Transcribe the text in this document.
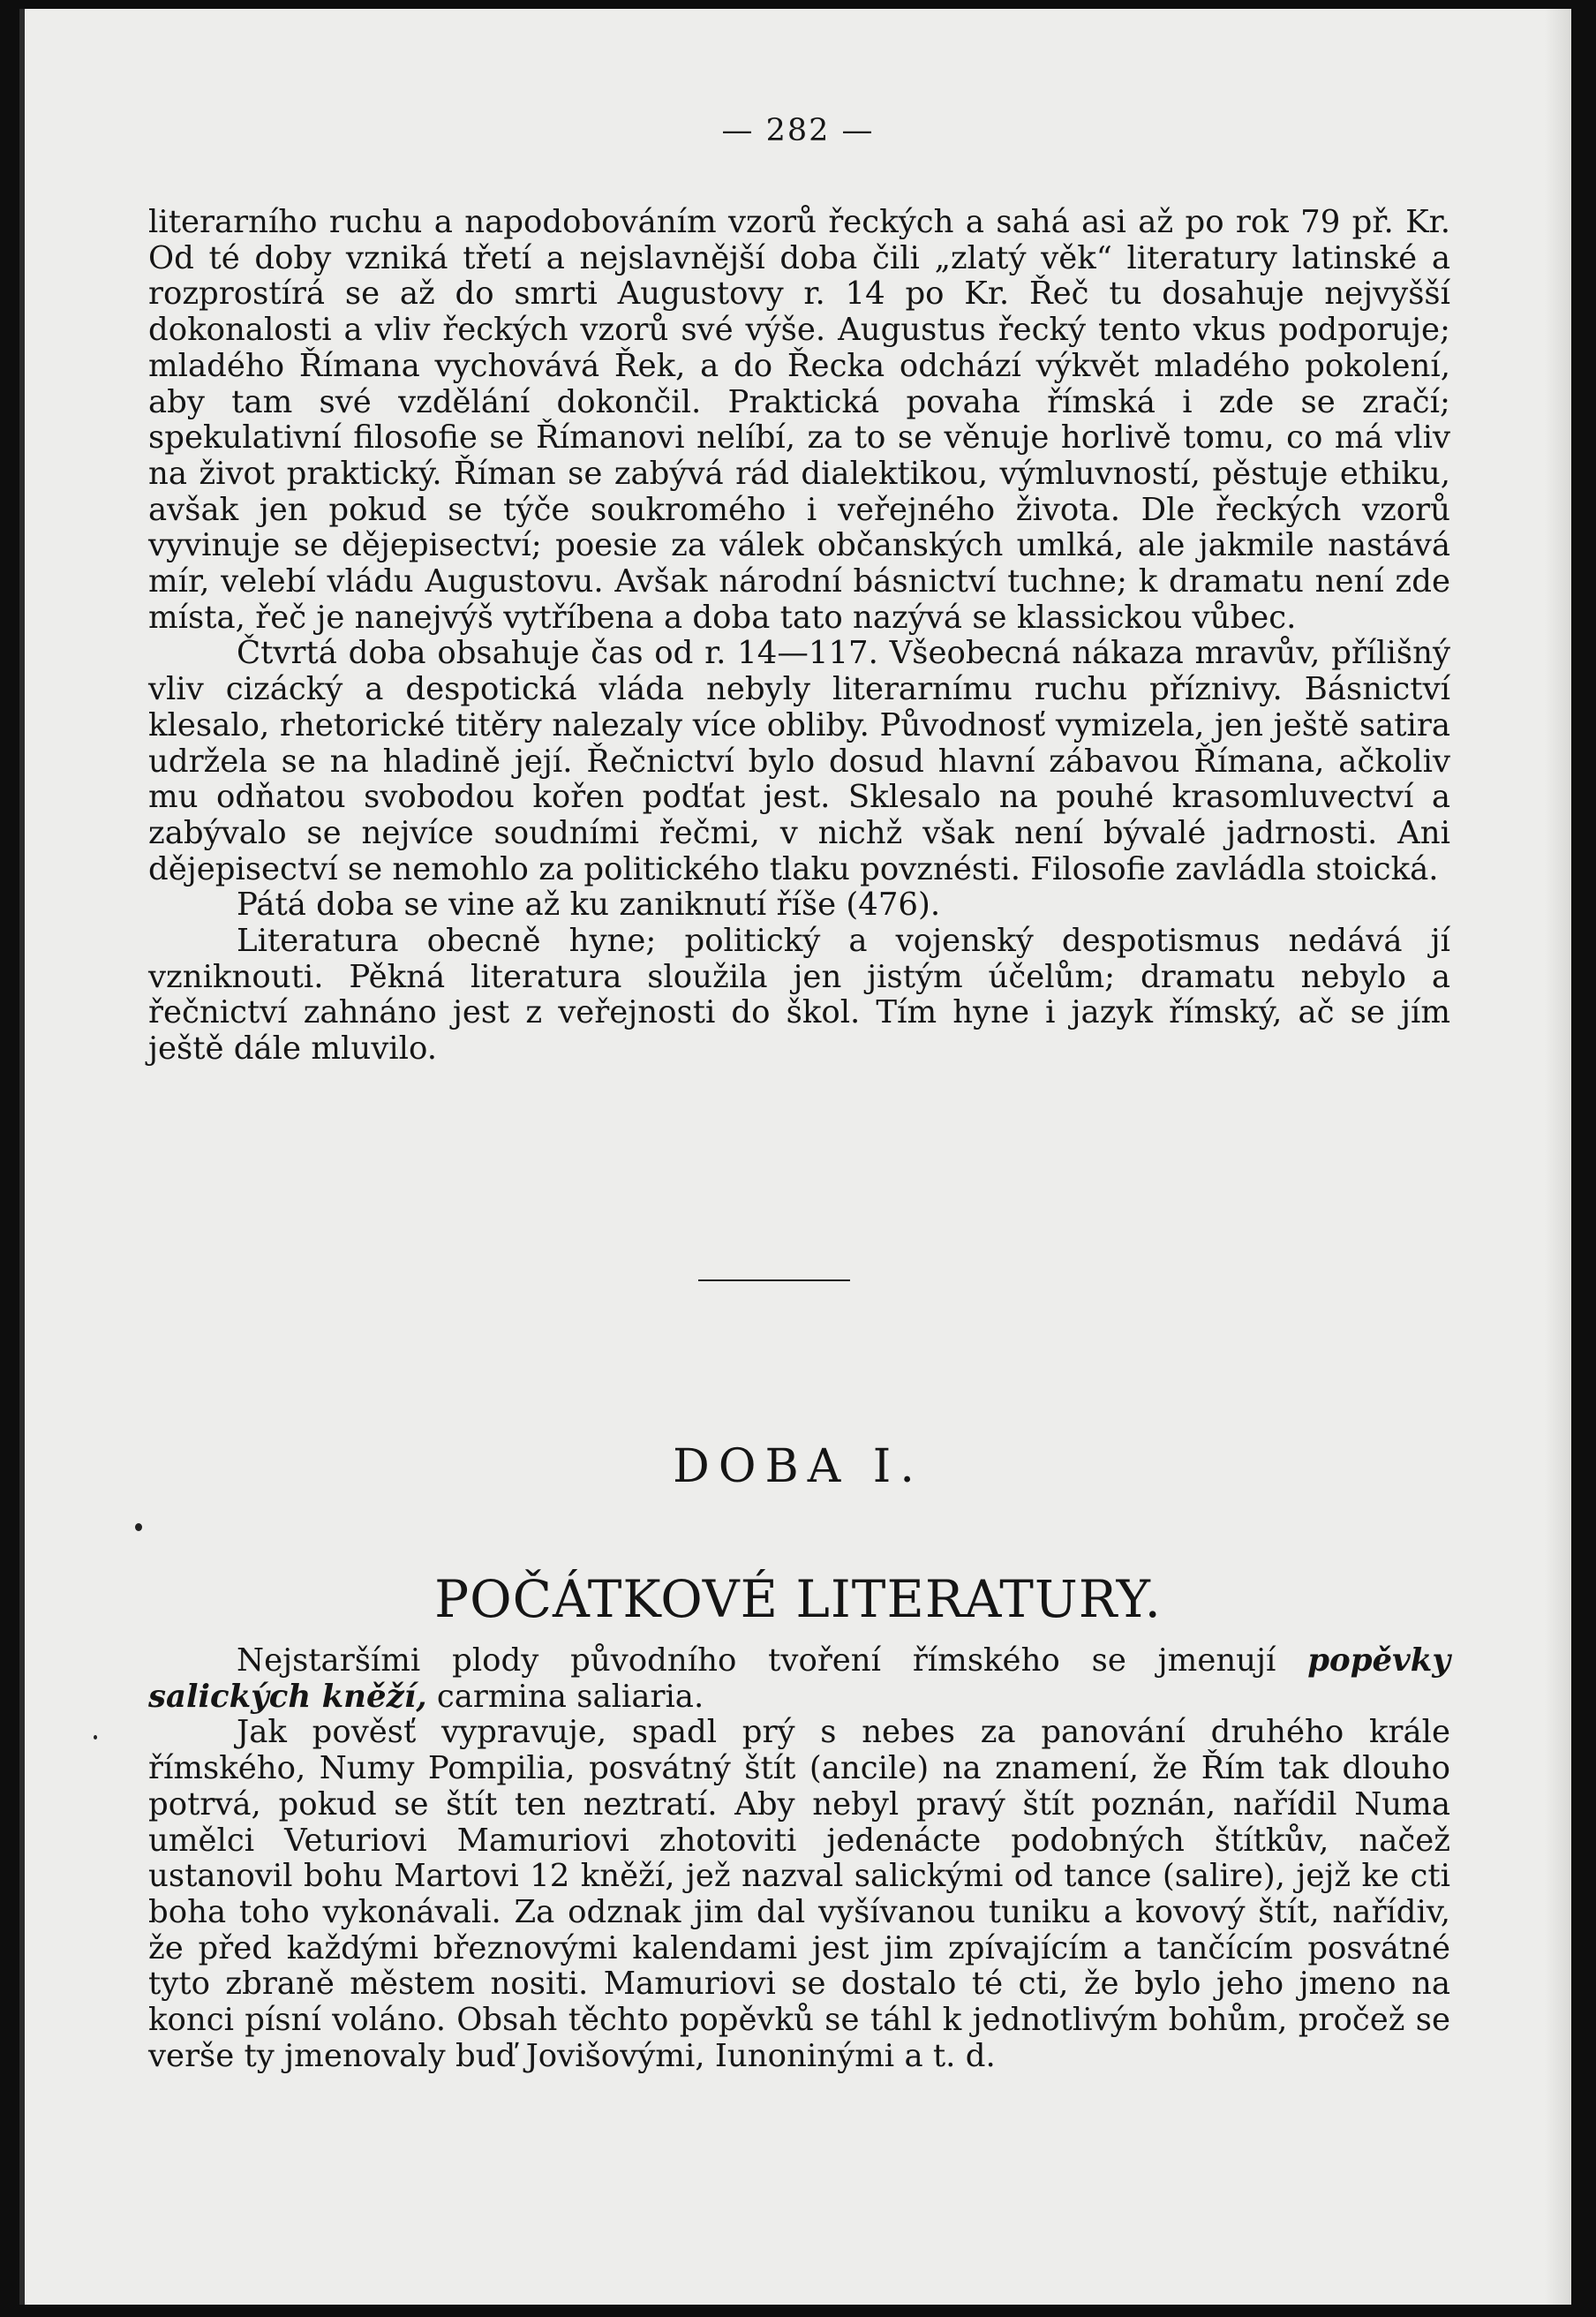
— 282 —

literarního ruchu a napodobováním vzorů řeckých a sahá asi až po rok 79 př. Kr. Od té doby vzniká třetí a nejslavnější doba čili „zlatý věk“ literatury latinské a rozprostírá se až do smrti Augustovy r. 14 po Kr. Řeč tu dosahuje nejvyšší dokonalosti a vliv řeckých vzorů své výše. Augustus řecký tento vkus podporuje; mladého Římana vychovává Řek, a do Řecka odchází výkvět mladého pokolení, aby tam své vzdělání dokončil. Praktická povaha římská i zde se zračí; spekulativní filosofie se Římanovi nelíbí, za to se věnuje horlivě tomu, co má vliv na život praktický. Říman se zabývá rád dialektikou, výmluvností, pěstuje ethiku, avšak jen pokud se týče soukromého i veřejného života. Dle řeckých vzorů vyvinuje se dějepisectví; poesie za válek občanských umlká, ale jakmile nastává mír, velebí vládu Augustovu. Avšak národní básnictví tuchne; k dramatu není zde místa, řeč je nanejvýš vytříbena a doba tato nazývá se klassickou vůbec.

Čtvrtá doba obsahuje čas od r. 14—117. Všeobecná nákaza mravův, přílišný vliv cizácký a despotická vláda nebyly literarnímu ruchu příznivy. Básnictví klesalo, rhetorické titěry nalezaly více obliby. Původnosť vymizela, jen ještě satira udržela se na hladině její. Řečnictví bylo dosud hlavní zábavou Římana, ačkoliv mu odňatou svobodou kořen podťat jest. Sklesalo na pouhé krasomluvectví a zabývalo se nejvíce soudními řečmi, v nichž však není bývalé jadrnosti. Ani dějepisectví se nemohlo za politického tlaku povznésti. Filosofie zavládla stoická.

Pátá doba se vine až ku zaniknutí říše (476).

Literatura obecně hyne; politický a vojenský despotismus nedává jí vzniknouti. Pěkná literatura sloužila jen jistým účelům; dramatu nebylo a řečnictví zahnáno jest z veřejnosti do škol. Tím hyne i jazyk římský, ač se jím ještě dále mluvilo.

DOBA I.
POČÁTKOVÉ LITERATURY.

Nejstaršími plody původního tvoření římského se jmenují popěvky salických kněží, carmina saliaria.

Jak pověsť vypravuje, spadl prý s nebes za panování druhého krále římského, Numy Pompilia, posvátný štít (ancile) na znamení, že Řím tak dlouho potrvá, pokud se štít ten neztratí. Aby nebyl pravý štít poznán, nařídil Numa umělci Veturiovi Mamuriovi zhotoviti jedenácte podobných štítkův, načež ustanovil bohu Martovi 12 kněží, jež nazval salickými od tance (salire), jejž ke cti boha toho vykonávali. Za odznak jim dal vyšívanou tuniku a kovový štít, nařídiv, že před každými březnovými kalendami jest jim zpívajícím a tančícím posvátné tyto zbraně městem nositi. Mamuriovi se dostalo té cti, že bylo jeho jmeno na konci písní voláno. Obsah těchto popěvků se táhl k jednotlivým bohům, pročež se verše ty jmenovaly buď Jovišovými, Iunoninými a t. d.
